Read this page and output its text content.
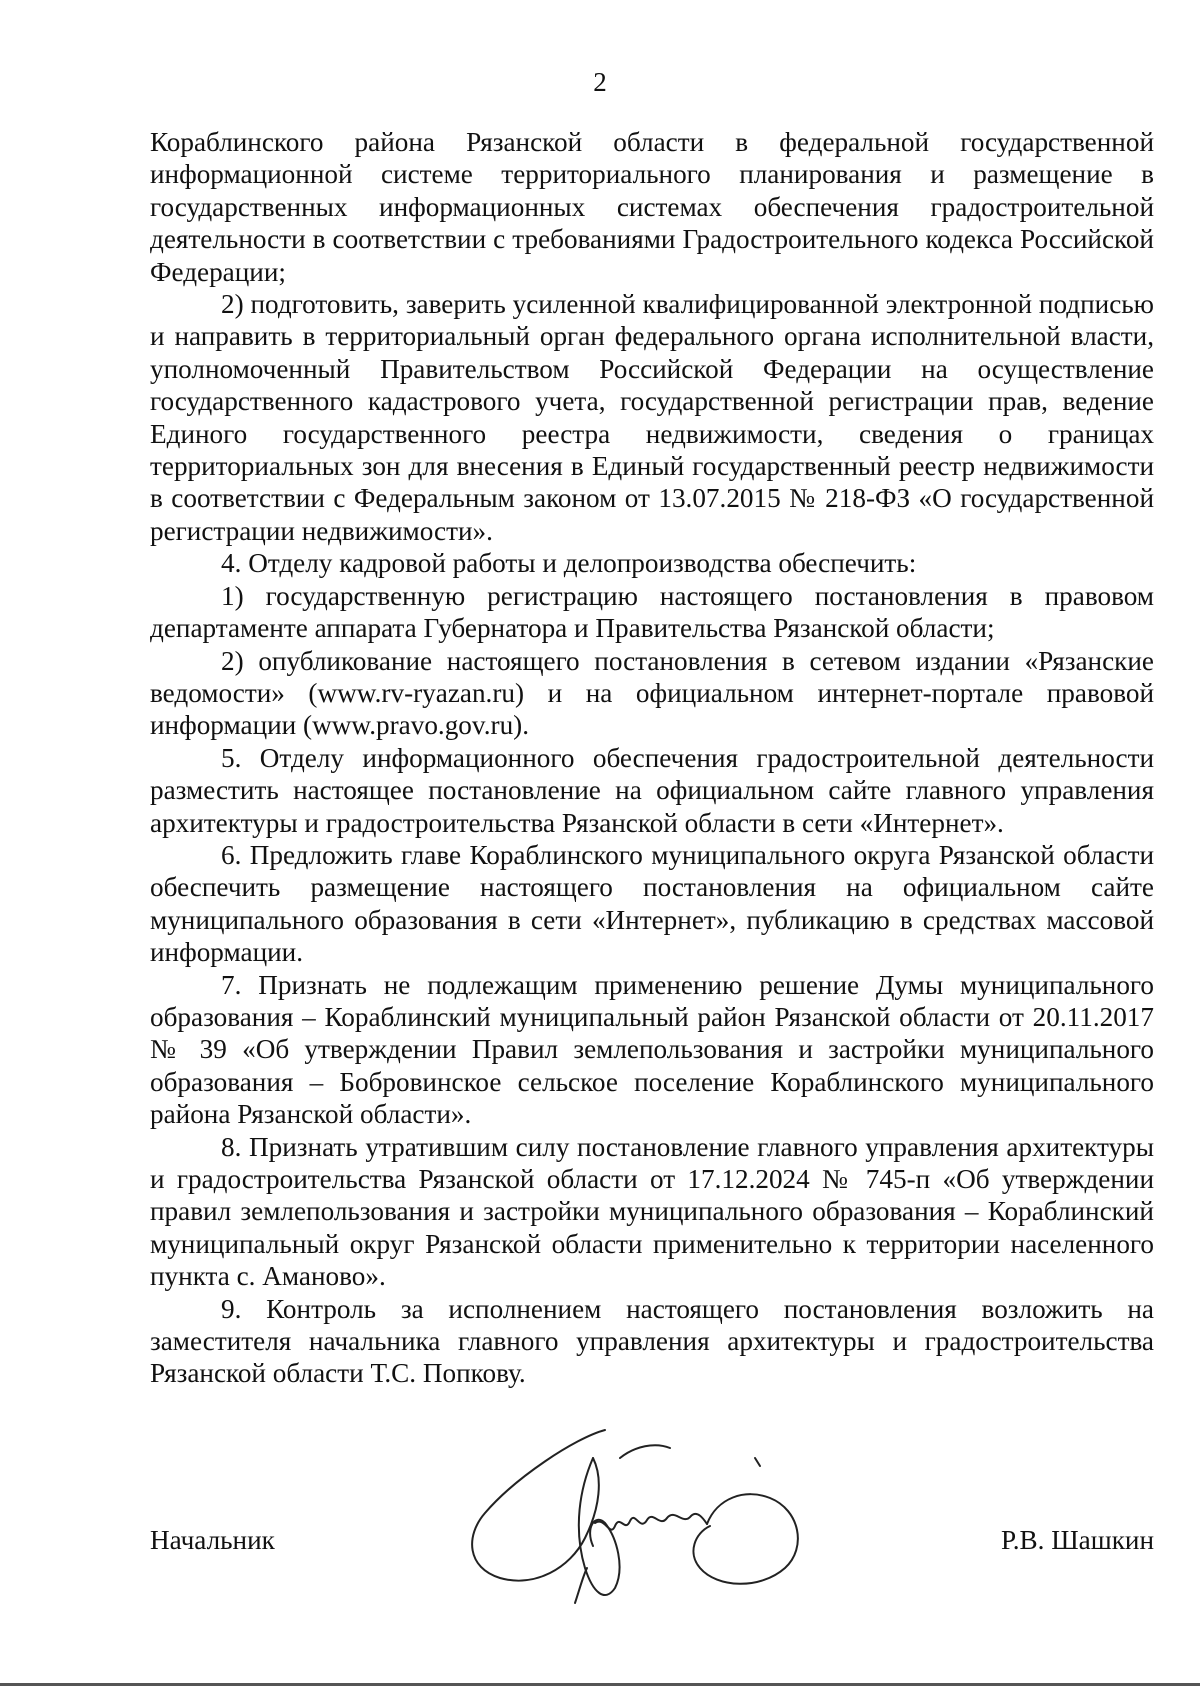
2

Кораблинского района Рязанской области в федеральной государственной информационной системе территориального планирования и размещение в государственных информационных системах обеспечения градостроительной деятельности в соответствии с требованиями Градостроительного кодекса Российской Федерации;

2) подготовить, заверить усиленной квалифицированной электронной подписью и направить в территориальный орган федерального органа исполнительной власти, уполномоченный Правительством Российской Федерации на осуществление государственного кадастрового учета, государственной регистрации прав, ведение Единого государственного реестра недвижимости, сведения о границах территориальных зон для внесения в Единый государственный реестр недвижимости в соответствии с Федеральным законом от 13.07.2015 № 218-ФЗ «О государственной регистрации недвижимости».

4. Отделу кадровой работы и делопроизводства обеспечить:

1) государственную регистрацию настоящего постановления в правовом департаменте аппарата Губернатора и Правительства Рязанской области;

2) опубликование настоящего постановления в сетевом издании «Рязанские ведомости» (www.rv-ryazan.ru) и на официальном интернет-портале правовой информации (www.pravo.gov.ru).

5. Отделу информационного обеспечения градостроительной деятельности разместить настоящее постановление на официальном сайте главного управления архитектуры и градостроительства Рязанской области в сети «Интернет».

6. Предложить главе Кораблинского муниципального округа Рязанской области обеспечить размещение настоящего постановления на официальном сайте муниципального образования в сети «Интернет», публикацию в средствах массовой информации.

7. Признать не подлежащим применению решение Думы муниципального образования – Кораблинский муниципальный район Рязанской области от 20.11.2017 № 39 «Об утверждении Правил землепользования и застройки муниципального образования – Бобровинское сельское поселение Кораблинского муниципального района Рязанской области».

8. Признать утратившим силу постановление главного управления архитектуры и градостроительства Рязанской области от 17.12.2024 № 745-п «Об утверждении правил землепользования и застройки муниципального образования – Кораблинский муниципальный округ Рязанской области применительно к территории населенного пункта с. Аманово».

9. Контроль за исполнением настоящего постановления возложить на заместителя начальника главного управления архитектуры и градостроительства Рязанской области Т.С. Попкову.

Начальник	Р.В. Шашкин
